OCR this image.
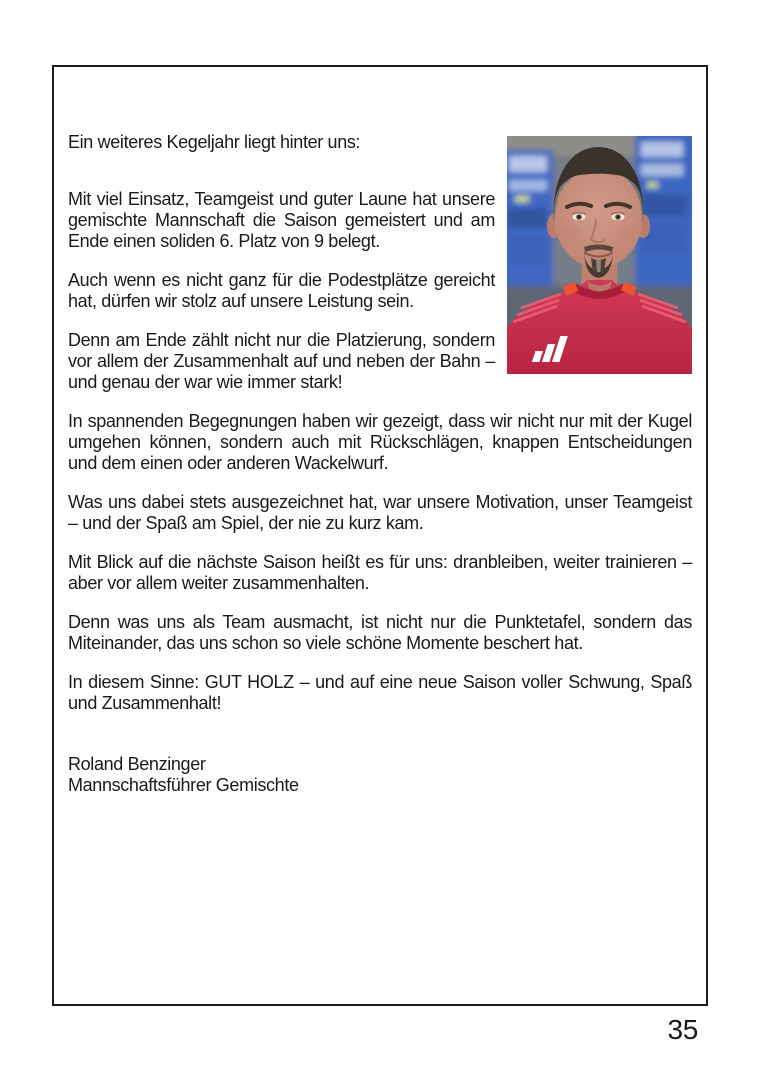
Ein weiteres Kegeljahr liegt hinter uns:

Mit viel Einsatz, Teamgeist und guter Laune hat unsere gemischte Mannschaft die Saison gemeistert und am Ende einen soliden 6. Platz von 9 belegt.

Auch wenn es nicht ganz für die Podestplätze gereicht hat, dürfen wir stolz auf unsere Leistung sein.

Denn am Ende zählt nicht nur die Platzierung, sondern vor allem der Zusammenhalt auf und neben der Bahn – und genau der war wie immer stark!

In spannenden Begegnungen haben wir gezeigt, dass wir nicht nur mit der Kugel umgehen können, sondern auch mit Rückschlägen, knappen Entscheidungen und dem einen oder anderen Wackelwurf.

Was uns dabei stets ausgezeichnet hat, war unsere Motivation, unser Teamgeist – und der Spaß am Spiel, der nie zu kurz kam.

Mit Blick auf die nächste Saison heißt es für uns: dranbleiben, weiter trainieren – aber vor allem weiter zusammenhalten.

Denn was uns als Team ausmacht, ist nicht nur die Punktetafel, sondern das Miteinander, das uns schon so viele schöne Momente beschert hat.

In diesem Sinne: GUT HOLZ – und auf eine neue Saison voller Schwung, Spaß und Zusammenhalt!

Roland Benzinger

Mannschaftsführer Gemischte

35
